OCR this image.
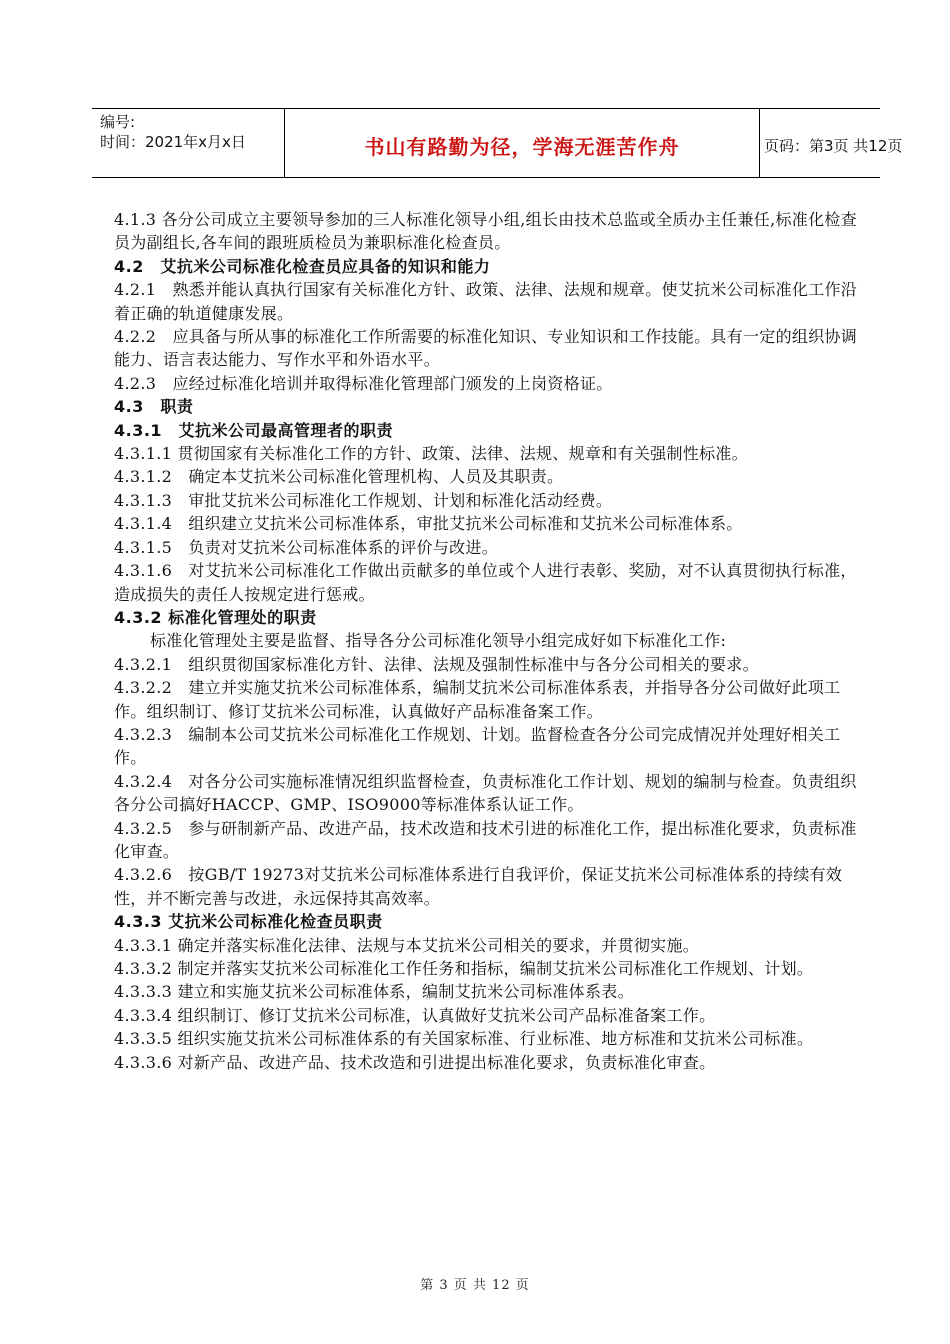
编号:
时间：2021年x月x日	书山有路勤为径，学海无涯苦作舟	页码：第3页 共12页

4.1.3 各分公司成立主要领导参加的三人标准化领导小组,组长由技术总监或全质办主任兼任,标准化检查员为副组长,各车间的跟班质检员为兼职标准化检查员。

4.2　艾抗米公司标准化检查员应具备的知识和能力

4.2.1　熟悉并能认真执行国家有关标准化方针、政策、法律、法规和规章。使艾抗米公司标准化工作沿着正确的轨道健康发展。

4.2.2　应具备与所从事的标准化工作所需要的标准化知识、专业知识和工作技能。具有一定的组织协调能力、语言表达能力、写作水平和外语水平。

4.2.3　应经过标准化培训并取得标准化管理部门颁发的上岗资格证。

4.3　职责

4.3.1　艾抗米公司最高管理者的职责

4.3.1.1 贯彻国家有关标准化工作的方针、政策、法律、法规、规章和有关强制性标准。

4.3.1.2　确定本艾抗米公司标准化管理机构、人员及其职责。

4.3.1.3　审批艾抗米公司标准化工作规划、计划和标准化活动经费。

4.3.1.4　组织建立艾抗米公司标准体系，审批艾抗米公司标准和艾抗米公司标准体系。

4.3.1.5　负责对艾抗米公司标准体系的评价与改进。

4.3.1.6　对艾抗米公司标准化工作做出贡献多的单位或个人进行表彰、奖励，对不认真贯彻执行标准，造成损失的责任人按规定进行惩戒。

4.3.2 标准化管理处的职责

标准化管理处主要是监督、指导各分公司标准化领导小组完成好如下标准化工作:

4.3.2.1　组织贯彻国家标准化方针、法律、法规及强制性标准中与各分公司相关的要求。

4.3.2.2　建立并实施艾抗米公司标准体系，编制艾抗米公司标准体系表，并指导各分公司做好此项工作。组织制订、修订艾抗米公司标准，认真做好产品标准备案工作。

4.3.2.3　编制本公司艾抗米公司标准化工作规划、计划。监督检查各分公司完成情况并处理好相关工作。

4.3.2.4　对各分公司实施标准情况组织监督检查，负责标准化工作计划、规划的编制与检查。负责组织各分公司搞好HACCP、GMP、ISO9000等标准体系认证工作。

4.3.2.5　参与研制新产品、改进产品，技术改造和技术引进的标准化工作，提出标准化要求，负责标准化审查。

4.3.2.6　按GB/T 19273对艾抗米公司标准体系进行自我评价，保证艾抗米公司标准体系的持续有效性，并不断完善与改进，永远保持其高效率。

4.3.3 艾抗米公司标准化检查员职责

4.3.3.1 确定并落实标准化法律、法规与本艾抗米公司相关的要求，并贯彻实施。

4.3.3.2 制定并落实艾抗米公司标准化工作任务和指标，编制艾抗米公司标准化工作规划、计划。

4.3.3.3 建立和实施艾抗米公司标准体系，编制艾抗米公司标准体系表。

4.3.3.4 组织制订、修订艾抗米公司标准，认真做好艾抗米公司产品标准备案工作。

4.3.3.5 组织实施艾抗米公司标准体系的有关国家标准、行业标准、地方标准和艾抗米公司标准。

4.3.3.6 对新产品、改进产品、技术改造和引进提出标准化要求，负责标准化审查。

第 3 页 共 12 页
